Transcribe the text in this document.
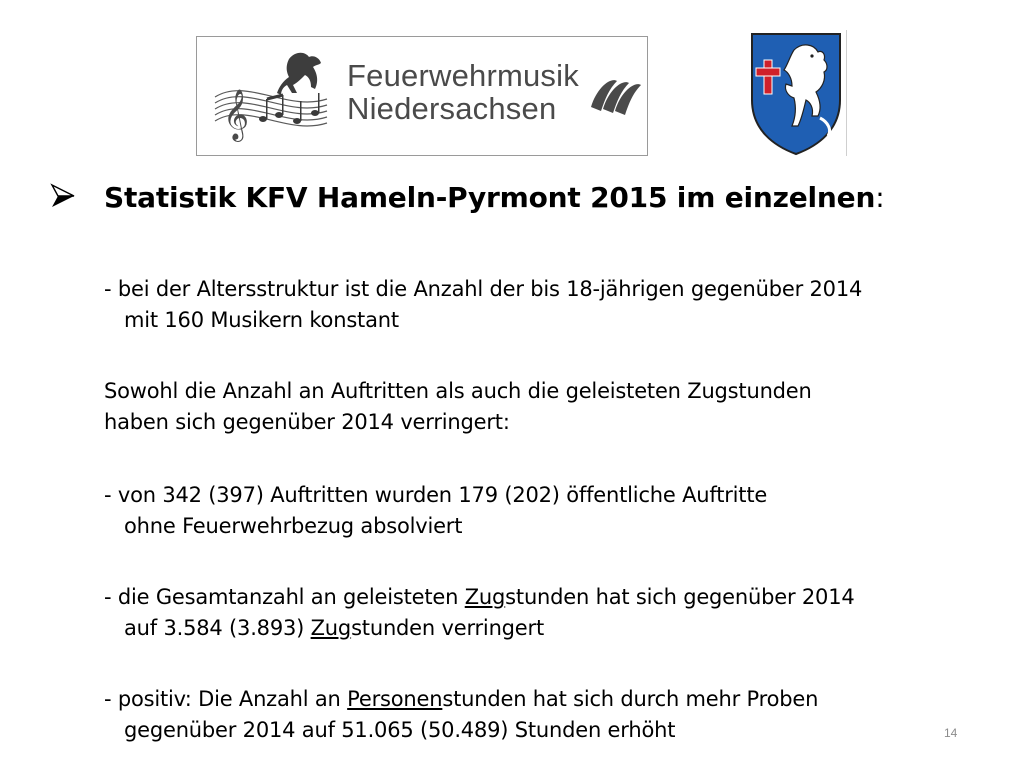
𝄞
Feuerwehrmusik
Niedersachsen
Statistik KFV Hameln-Pyrmont 2015 im einzelnen:
- bei der Altersstruktur ist die Anzahl der bis 18-jährigen gegenüber 2014
mit 160 Musikern konstant
Sowohl die Anzahl an Auftritten als auch die geleisteten Zugstunden
haben sich gegenüber 2014 verringert:
- von 342 (397) Auftritten wurden 179 (202) öffentliche Auftritte
ohne Feuerwehrbezug absolviert
- die Gesamtanzahl an geleisteten Zugstunden hat sich gegenüber 2014
auf 3.584 (3.893) Zugstunden verringert
- positiv: Die Anzahl an Personenstunden hat sich durch mehr Proben
gegenüber 2014 auf 51.065 (50.489) Stunden erhöht	14
